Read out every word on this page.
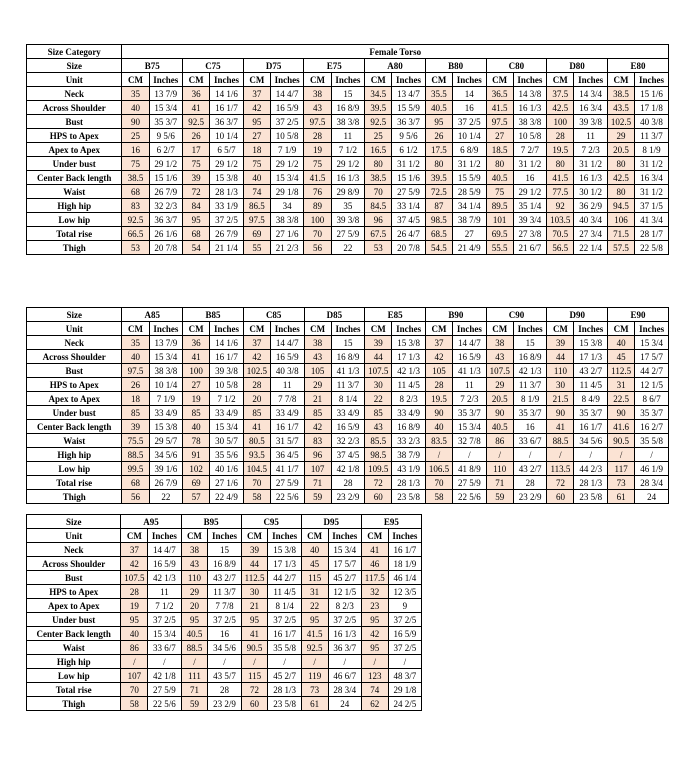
Size Category	Female Torso																	
Size	B75		C75		D75		E75		A80		B80		C80		D80		E80	
Unit	CM	Inches	CM	Inches	CM	Inches	CM	Inches	CM	Inches	CM	Inches	CM	Inches	CM	Inches	CM	Inches
Neck	35	13 7/9	36	14 1/6	37	14 4/7	38	15	34.5	13 4/7	35.5	14	36.5	14 3/8	37.5	14 3/4	38.5	15 1/6
Across Shoulder	40	15 3/4	41	16 1/7	42	16 5/9	43	16 8/9	39.5	15 5/9	40.5	16	41.5	16 1/3	42.5	16 3/4	43.5	17 1/8
Bust	90	35 3/7	92.5	36 3/7	95	37 2/5	97.5	38 3/8	92.5	36 3/7	95	37 2/5	97.5	38 3/8	100	39 3/8	102.5	40 3/8
HPS to Apex	25	9 5/6	26	10 1/4	27	10 5/8	28	11	25	9 5/6	26	10 1/4	27	10 5/8	28	11	29	11 3/7
Apex to Apex	16	6 2/7	17	6 5/7	18	7 1/9	19	7 1/2	16.5	6 1/2	17.5	6 8/9	18.5	7 2/7	19.5	7 2/3	20.5	8 1/9
Under bust	75	29 1/2	75	29 1/2	75	29 1/2	75	29 1/2	80	31 1/2	80	31 1/2	80	31 1/2	80	31 1/2	80	31 1/2
Center Back length	38.5	15 1/6	39	15 3/8	40	15 3/4	41.5	16 1/3	38.5	15 1/6	39.5	15 5/9	40.5	16	41.5	16 1/3	42.5	16 3/4
Waist	68	26 7/9	72	28 1/3	74	29 1/8	76	29 8/9	70	27 5/9	72.5	28 5/9	75	29 1/2	77.5	30 1/2	80	31 1/2
High hip	83	32 2/3	84	33 1/9	86.5	34	89	35	84.5	33 1/4	87	34 1/4	89.5	35 1/4	92	36 2/9	94.5	37 1/5
Low hip	92.5	36 3/7	95	37 2/5	97.5	38 3/8	100	39 3/8	96	37 4/5	98.5	38 7/9	101	39 3/4	103.5	40 3/4	106	41 3/4
Total rise	66.5	26 1/6	68	26 7/9	69	27 1/6	70	27 5/9	67.5	26 4/7	68.5	27	69.5	27 3/8	70.5	27 3/4	71.5	28 1/7
Thigh	53	20 7/8	54	21 1/4	55	21 2/3	56	22	53	20 7/8	54.5	21 4/9	55.5	21 6/7	56.5	22 1/4	57.5	22 5/8
Size	A85		B85		C85		D85		E85		B90		C90		D90		E90	
Unit	CM	Inches	CM	Inches	CM	Inches	CM	Inches	CM	Inches	CM	Inches	CM	Inches	CM	Inches	CM	Inches
Neck	35	13 7/9	36	14 1/6	37	14 4/7	38	15	39	15 3/8	37	14 4/7	38	15	39	15 3/8	40	15 3/4
Across Shoulder	40	15 3/4	41	16 1/7	42	16 5/9	43	16 8/9	44	17 1/3	42	16 5/9	43	16 8/9	44	17 1/3	45	17 5/7
Bust	97.5	38 3/8	100	39 3/8	102.5	40 3/8	105	41 1/3	107.5	42 1/3	105	41 1/3	107.5	42 1/3	110	43 2/7	112.5	44 2/7
HPS to Apex	26	10 1/4	27	10 5/8	28	11	29	11 3/7	30	11 4/5	28	11	29	11 3/7	30	11 4/5	31	12 1/5
Apex to Apex	18	7 1/9	19	7 1/2	20	7 7/8	21	8 1/4	22	8 2/3	19.5	7 2/3	20.5	8 1/9	21.5	8 4/9	22.5	8 6/7
Under bust	85	33 4/9	85	33 4/9	85	33 4/9	85	33 4/9	85	33 4/9	90	35 3/7	90	35 3/7	90	35 3/7	90	35 3/7
Center Back length	39	15 3/8	40	15 3/4	41	16 1/7	42	16 5/9	43	16 8/9	40	15 3/4	40.5	16	41	16 1/7	41.6	16 2/7
Waist	75.5	29 5/7	78	30 5/7	80.5	31 5/7	83	32 2/3	85.5	33 2/3	83.5	32 7/8	86	33 6/7	88.5	34 5/6	90.5	35 5/8
High hip	88.5	34 5/6	91	35 5/6	93.5	36 4/5	96	37 4/5	98.5	38 7/9	/	/	/	/	/	/	/	/
Low hip	99.5	39 1/6	102	40 1/6	104.5	41 1/7	107	42 1/8	109.5	43 1/9	106.5	41 8/9	110	43 2/7	113.5	44 2/3	117	46 1/9
Total rise	68	26 7/9	69	27 1/6	70	27 5/9	71	28	72	28 1/3	70	27 5/9	71	28	72	28 1/3	73	28 3/4
Thigh	56	22	57	22 4/9	58	22 5/6	59	23 2/9	60	23 5/8	58	22 5/6	59	23 2/9	60	23 5/8	61	24
Size	A95		B95		C95		D95		E95	
Unit	CM	Inches	CM	Inches	CM	Inches	CM	Inches	CM	Inches
Neck	37	14 4/7	38	15	39	15 3/8	40	15 3/4	41	16 1/7
Across Shoulder	42	16 5/9	43	16 8/9	44	17 1/3	45	17 5/7	46	18 1/9
Bust	107.5	42 1/3	110	43 2/7	112.5	44 2/7	115	45 2/7	117.5	46 1/4
HPS to Apex	28	11	29	11 3/7	30	11 4/5	31	12 1/5	32	12 3/5
Apex to Apex	19	7 1/2	20	7 7/8	21	8 1/4	22	8 2/3	23	9
Under bust	95	37 2/5	95	37 2/5	95	37 2/5	95	37 2/5	95	37 2/5
Center Back length	40	15 3/4	40.5	16	41	16 1/7	41.5	16 1/3	42	16 5/9
Waist	86	33 6/7	88.5	34 5/6	90.5	35 5/8	92.5	36 3/7	95	37 2/5
High hip	/	/	/	/	/	/	/	/	/	/
Low hip	107	42 1/8	111	43 5/7	115	45 2/7	119	46 6/7	123	48 3/7
Total rise	70	27 5/9	71	28	72	28 1/3	73	28 3/4	74	29 1/8
Thigh	58	22 5/6	59	23 2/9	60	23 5/8	61	24	62	24 2/5
